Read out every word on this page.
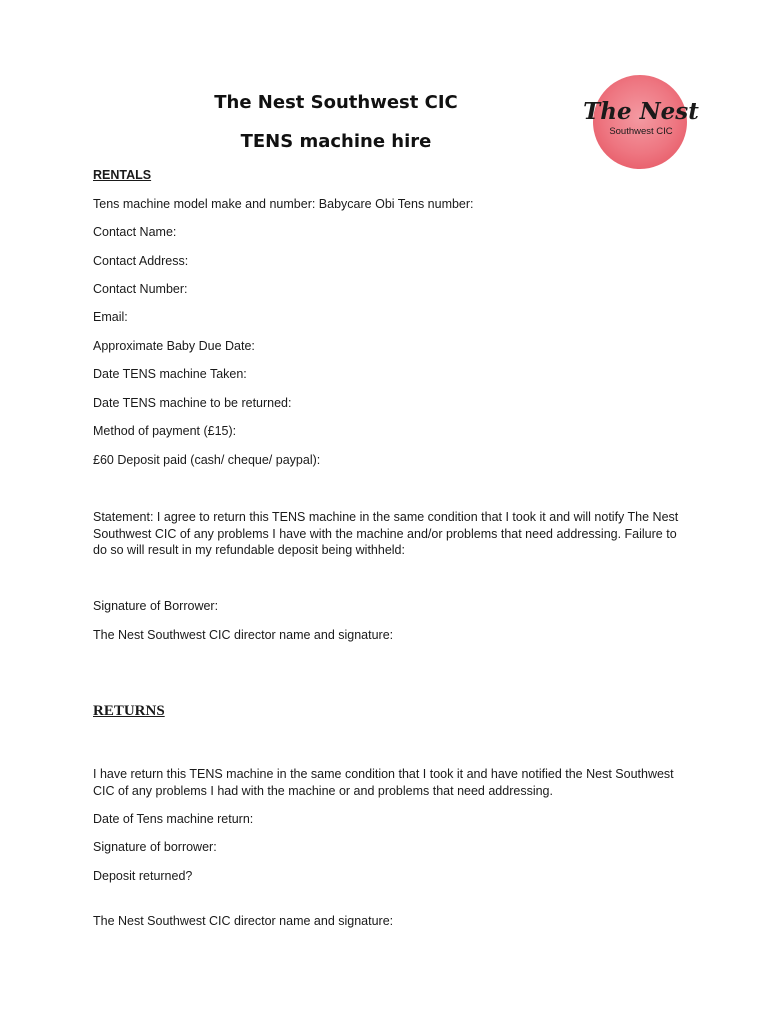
The Nest Southwest CIC
TENS machine hire
The Nest
Southwest CIC

RENTALS

Tens machine model make and number: Babycare Obi Tens number:

Contact Name:

Contact Address:

Contact Number:

Email:

Approximate Baby Due Date:

Date TENS machine Taken:

Date TENS machine to be returned:

Method of payment (£15):

£60 Deposit paid (cash/ cheque/ paypal):

Statement: I agree to return this TENS machine in the same condition that I took it and will notify The Nest Southwest CIC of any problems I have with the machine and/or problems that need addressing. Failure to do so will result in my refundable deposit being withheld:

Signature of Borrower:

The Nest Southwest CIC director name and signature:

RETURNS

I have return this TENS machine in the same condition that I took it and have notified the Nest Southwest CIC of any problems I had with the machine or and problems that need addressing.

Date of Tens machine return:

Signature of borrower:

Deposit returned?

The Nest Southwest CIC director name and signature:
